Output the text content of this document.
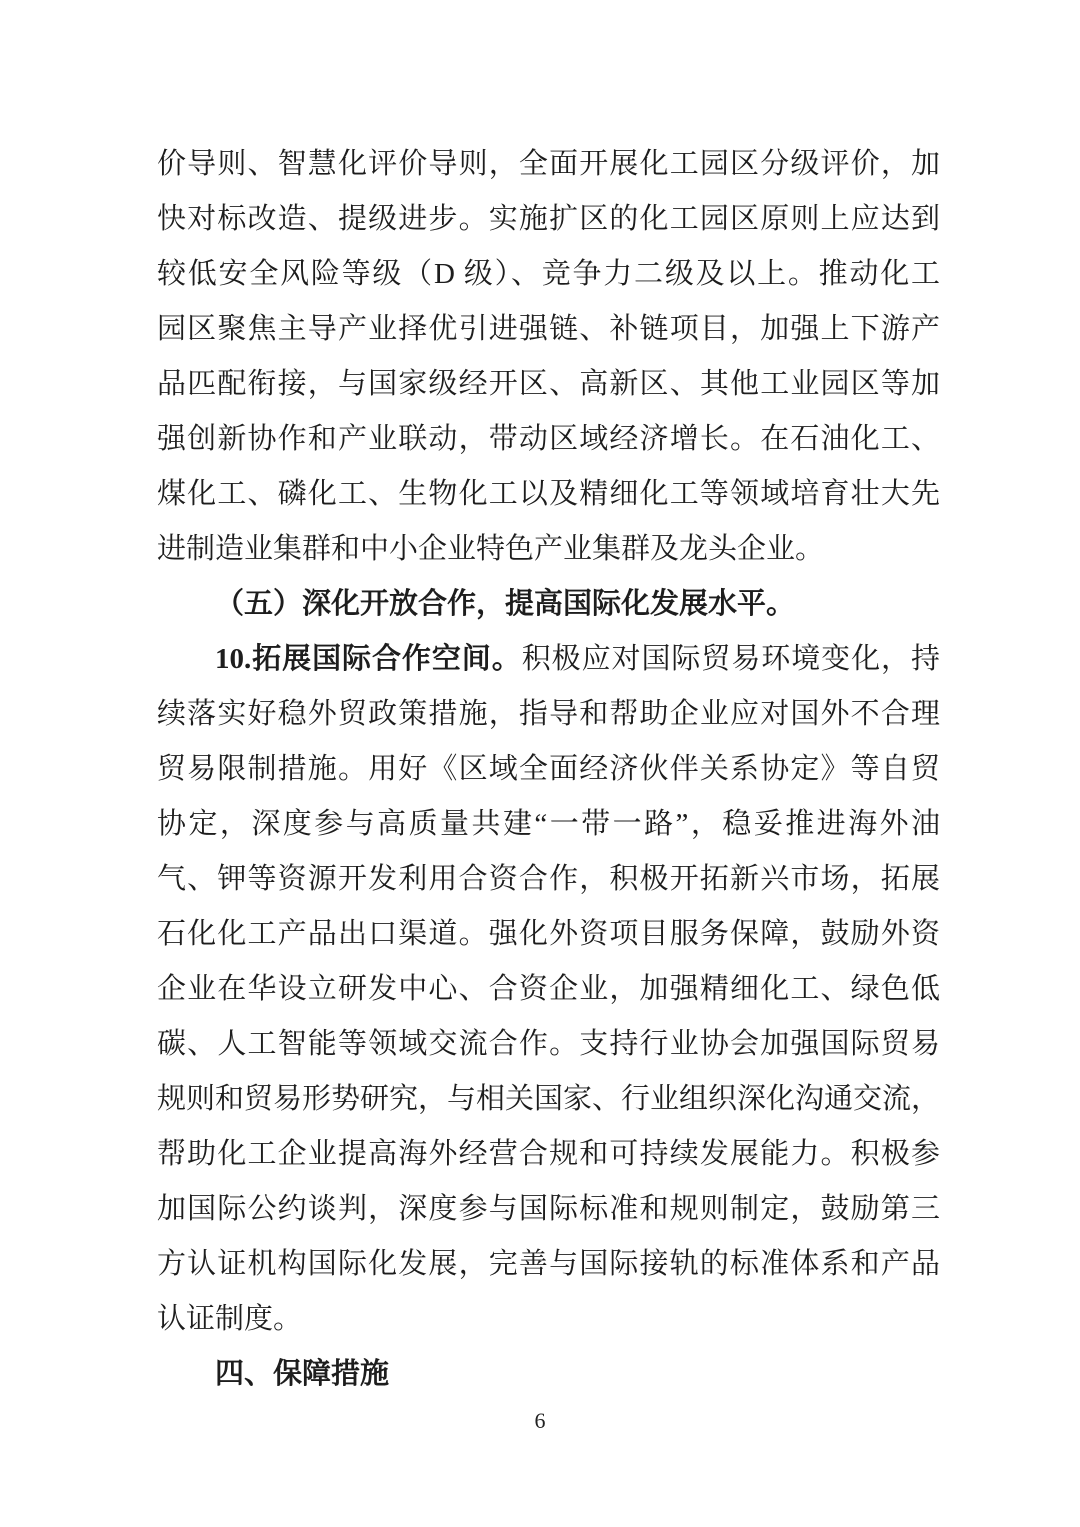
价导则、智慧化评价导则，全面开展化工园区分级评价，加
快对标改造、提级进步。实施扩区的化工园区原则上应达到
较低安全风险等级（D 级）、竞争力二级及以上。推动化工
园区聚焦主导产业择优引进强链、补链项目，加强上下游产
品匹配衔接，与国家级经开区、高新区、其他工业园区等加
强创新协作和产业联动，带动区域经济增长。在石油化工、
煤化工、磷化工、生物化工以及精细化工等领域培育壮大先
进制造业集群和中小企业特色产业集群及龙头企业。
（五）深化开放合作，提高国际化发展水平。
10.拓展国际合作空间。积极应对国际贸易环境变化，持
续落实好稳外贸政策措施，指导和帮助企业应对国外不合理
贸易限制措施。用好《区域全面经济伙伴关系协定》等自贸
协定，深度参与高质量共建“一带一路”，稳妥推进海外油
气、钾等资源开发利用合资合作，积极开拓新兴市场，拓展
石化化工产品出口渠道。强化外资项目服务保障，鼓励外资
企业在华设立研发中心、合资企业，加强精细化工、绿色低
碳、人工智能等领域交流合作。支持行业协会加强国际贸易
规则和贸易形势研究，与相关国家、行业组织深化沟通交流，
帮助化工企业提高海外经营合规和可持续发展能力。积极参
加国际公约谈判，深度参与国际标准和规则制定，鼓励第三
方认证机构国际化发展，完善与国际接轨的标准体系和产品
认证制度。
四、保障措施
6
